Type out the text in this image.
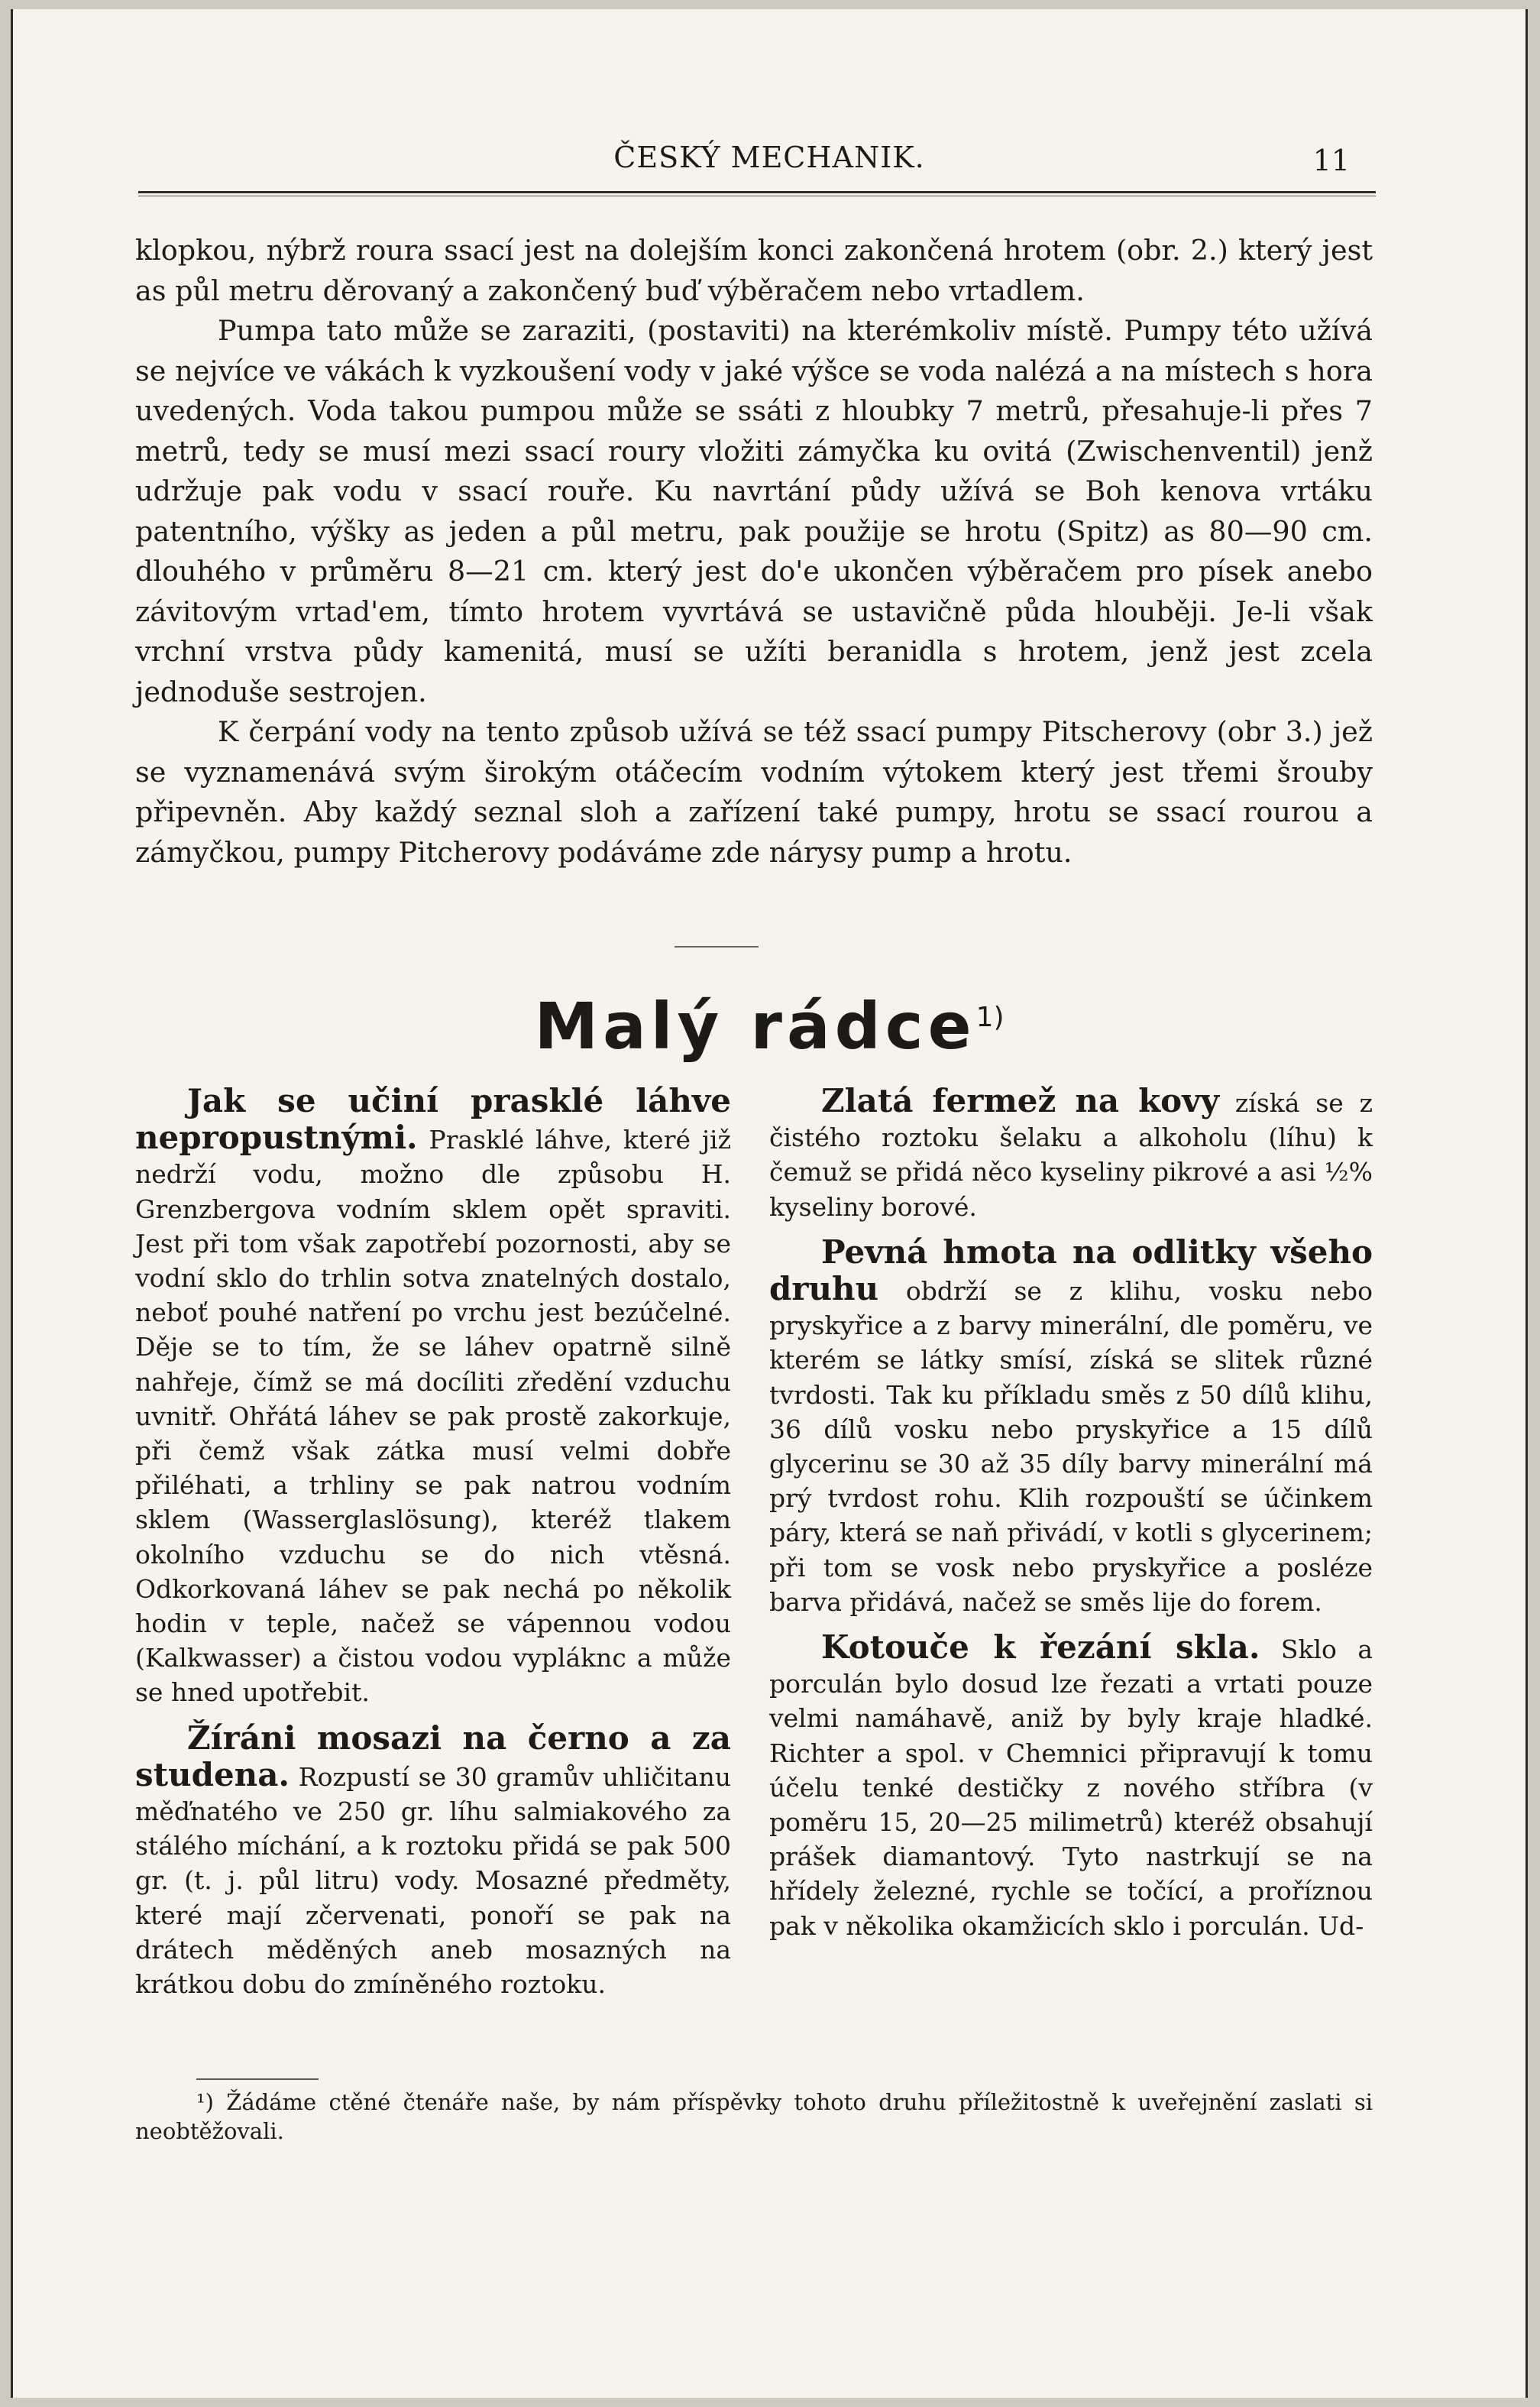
ČESKÝ MECHANIK.	11

klopkou, nýbrž roura ssací jest na dolejším konci zakončená hrotem (obr. 2.) který jest as půl metru děrovaný a zakončený buď výběračem nebo vrtadlem.

Pumpa tato může se zaraziti, (postaviti) na kterémkoliv místě. Pumpy této užívá se nejvíce ve vákách k vyzkoušení vody v jaké výšce se voda nalézá a na místech s hora uvedených. Voda takou pumpou může se ssáti z hloubky 7 metrů, přesahuje-li přes 7 metrů, tedy se musí mezi ssací roury vložiti zámyčka ku ovitá (Zwischenventil) jenž udržuje pak vodu v ssací rouře. Ku navrtání půdy užívá se Boh kenova vrtáku patentního, výšky as jeden a půl metru, pak použije se hrotu (Spitz) as 80—90 cm. dlouhého v průměru 8—21 cm. který jest do'e ukončen výběračem pro písek anebo závitovým vrtad'em, tímto hrotem vyvrtává se ustavičně půda hlouběji. Je-li však vrchní vrstva půdy kamenitá, musí se užíti beranidla s hrotem, jenž jest zcela jednoduše sestrojen.

K čerpání vody na tento způsob užívá se též ssací pumpy Pitscherovy (obr 3.) jež se vyznamenává svým širokým otáčecím vodním výtokem který jest třemi šrouby připevněn. Aby každý seznal sloh a zařízení také pumpy, hrotu se ssací rourou a zámyčkou, pumpy Pitcherovy podáváme zde nárysy pump a hrotu.

Malý rádce$^{1)}$

Jak se učiní prasklé láhve nepropustnými. Prasklé láhve, které již nedrží vodu, možno dle způsobu H. Grenzbergova vodním sklem opět spraviti. Jest při tom však zapotřebí pozornosti, aby se vodní sklo do trhlin sotva znatelných dostalo, neboť pouhé natření po vrchu jest bezúčelné. Děje se to tím, že se láhev opatrně silně nahřeje, čímž se má docíliti zředění vzduchu uvnitř. Ohřátá láhev se pak prostě zakorkuje, při čemž však zátka musí velmi dobře přiléhati, a trhliny se pak natrou vodním sklem (Wasserglaslösung), kteréž tlakem okolního vzduchu se do nich vtěsná. Odkorkovaná láhev se pak nechá po několik hodin v teple, načež se vápennou vodou (Kalkwasser) a čistou vodou vypláknc a může se hned upotřebit.

Žíráni mosazi na černo a za studena. Rozpustí se 30 gramův uhličitanu měďnatého ve 250 gr. líhu salmiakového za stálého míchání, a k roztoku přidá se pak 500 gr. (t. j. půl litru) vody. Mosazné předměty, které mají zčervenati, ponoří se pak na drátech měděných aneb mosazných na krátkou dobu do zmíněného roztoku.

Zlatá fermež na kovy získá se z čistého roztoku šelaku a alkoholu (líhu) k čemuž se přidá něco kyseliny pikrové a asi ½% kyseliny borové.

Pevná hmota na odlitky všeho druhu obdrží se z klihu, vosku nebo pryskyřice a z barvy minerální, dle poměru, ve kterém se látky smísí, získá se slitek různé tvrdosti. Tak ku příkladu směs z 50 dílů klihu, 36 dílů vosku nebo pryskyřice a 15 dílů glycerinu se 30 až 35 díly barvy minerální má prý tvrdost rohu. Klih rozpouští se účinkem páry, která se naň přivádí, v kotli s glycerinem; při tom se vosk nebo pryskyřice a posléze barva přidává, načež se směs lije do forem.

Kotouče k řezání skla. Sklo a porculán bylo dosud lze řezati a vrtati pouze velmi namáhavě, aniž by byly kraje hladké. Richter a spol. v Chemnici připravují k tomu účelu tenké destičky z nového stříbra (v poměru 15, 20—25 milimetrů) kteréž obsahují prášek diamantový. Tyto nastrkují se na hřídely železné, rychle se točící, a proříznou pak v několika okamžicích sklo i porculán. Ud-

¹) Žádáme ctěné čtenáře naše, by nám příspěvky tohoto druhu příležitostně k uveřejnění zaslati si neobtěžovali.
